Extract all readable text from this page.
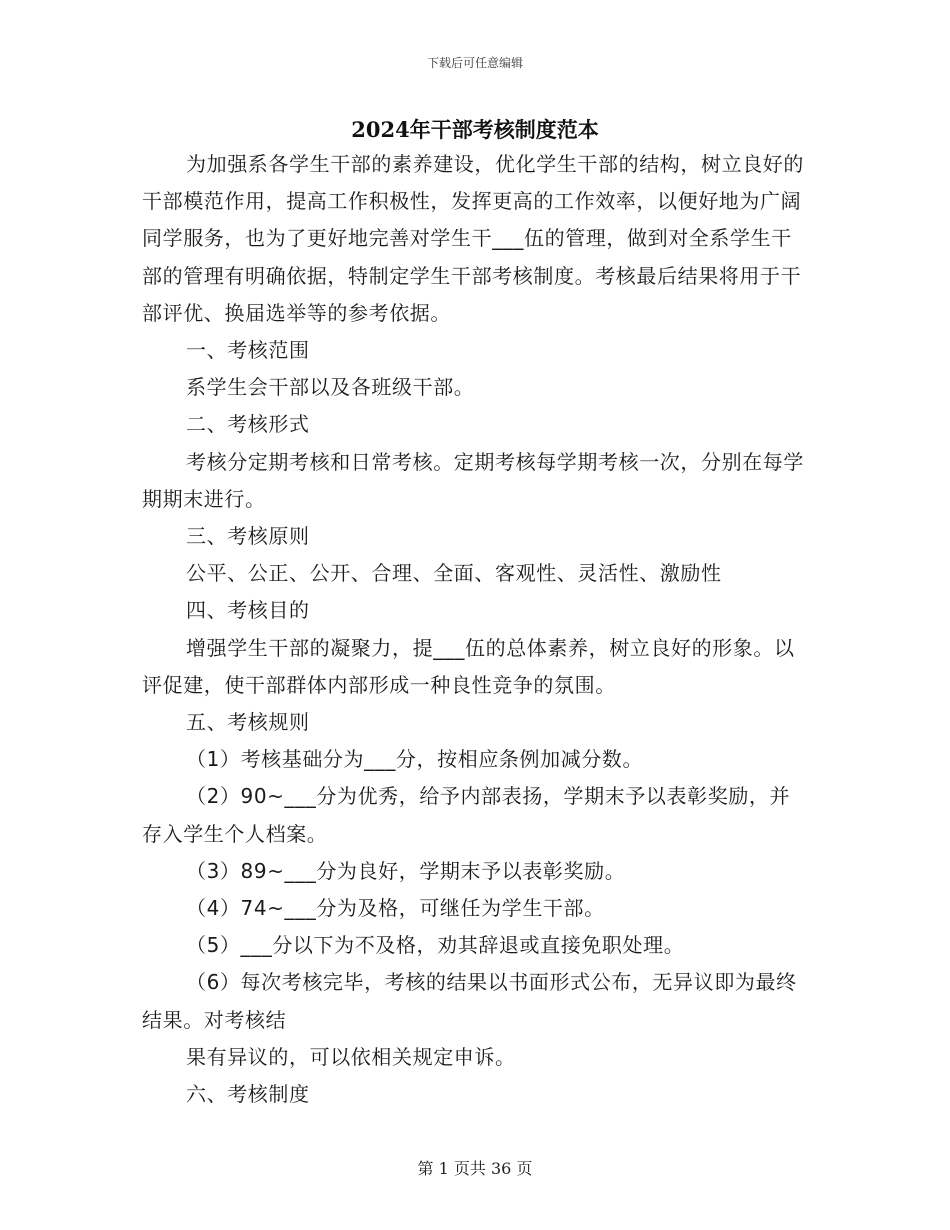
下载后可任意编辑
2024年干部考核制度范本

为加强系各学生干部的素养建设，优化学生干部的结构，树立良好的干部模范作用，提高工作积极性，发挥更高的工作效率，以便好地为广阔同学服务，也为了更好地完善对学生干___伍的管理，做到对全系学生干部的管理有明确依据，特制定学生干部考核制度。考核最后结果将用于干部评优、换届选举等的参考依据。

一、考核范围

系学生会干部以及各班级干部。

二、考核形式

考核分定期考核和日常考核。定期考核每学期考核一次，分别在每学期期末进行。

三、考核原则

公平、公正、公开、合理、全面、客观性、灵活性、激励性

四、考核目的

增强学生干部的凝聚力，提___伍的总体素养，树立良好的形象。以评促建，使干部群体内部形成一种良性竞争的氛围。

五、考核规则

（1）考核基础分为___分，按相应条例加减分数。

（2）90~___分为优秀，给予内部表扬，学期末予以表彰奖励，并存入学生个人档案。

（3）89~___分为良好，学期末予以表彰奖励。

（4）74~___分为及格，可继任为学生干部。

（5）___分以下为不及格，劝其辞退或直接免职处理。

（6）每次考核完毕，考核的结果以书面形式公布，无异议即为最终结果。对考核结

果有异议的，可以依相关规定申诉。

六、考核制度

第 1 页共 36 页
